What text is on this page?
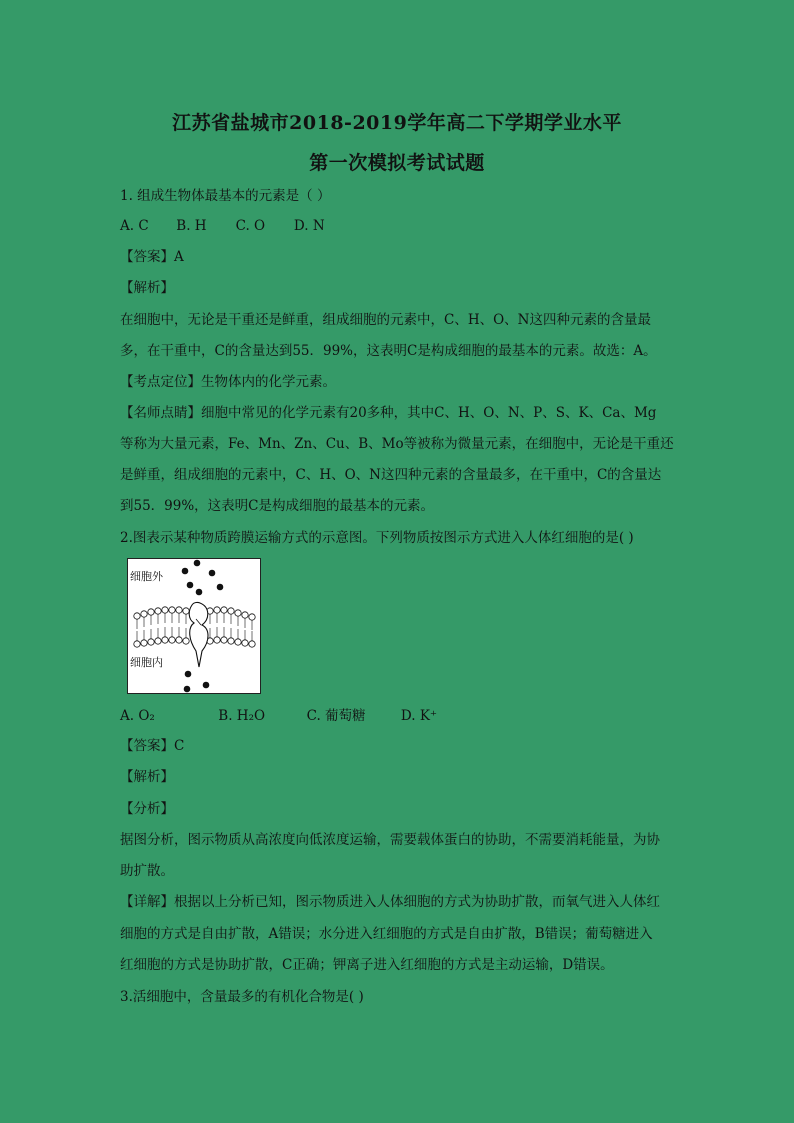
江苏省盐城市2018-2019学年高二下学期学业水平
第一次模拟考试试题
1. 组成生物体最基本的元素是（ ）
A. C B. H C. O D. N
【答案】A
【解析】
在细胞中，无论是干重还是鲜重，组成细胞的元素中，C、H、O、N这四种元素的含量最
多，在干重中，C的含量达到55．99%，这表明C是构成细胞的最基本的元素。故选：A。
【考点定位】生物体内的化学元素。
【名师点睛】细胞中常见的化学元素有20多种，其中C、H、O、N、P、S、K、Ca、Mg
等称为大量元素，Fe、Mn、Zn、Cu、B、Mo等被称为微量元素，在细胞中，无论是干重还
是鲜重，组成细胞的元素中，C、H、O、N这四种元素的含量最多，在干重中，C的含量达
到55．99%，这表明C是构成细胞的最基本的元素。
2.图表示某种物质跨膜运输方式的示意图。下列物质按图示方式进入人体红细胞的是( )
细胞外
细胞内
A. O₂	B. H₂O	C. 葡萄糖	D. K⁺
【答案】C
【解析】
【分析】
据图分析，图示物质从高浓度向低浓度运输，需要载体蛋白的协助，不需要消耗能量，为协
助扩散。
【详解】根据以上分析已知，图示物质进入人体细胞的方式为协助扩散，而氧气进入人体红
细胞的方式是自由扩散，A错误；水分进入红细胞的方式是自由扩散，B错误；葡萄糖进入
红细胞的方式是协助扩散，C正确；钾离子进入红细胞的方式是主动运输，D错误。
3.活细胞中，含量最多的有机化合物是( )
